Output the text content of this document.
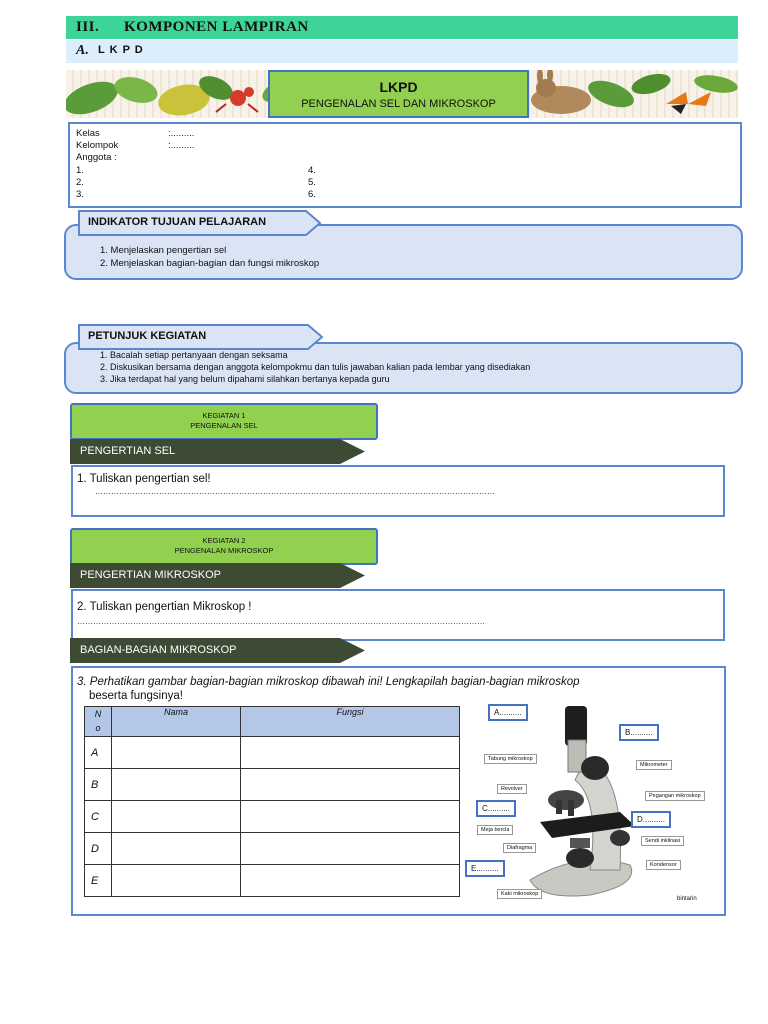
III. KOMPONEN LAMPIRAN
A. L K P D
LKPD
PENGENALAN SEL DAN MIKROSKOP
Kelas	:.........
Kelompok	:.........
Anggota :
1.
2.
3.
4.
5.
6.
1. Menjelaskan pengertian sel
2. Menjelaskan bagian-bagian dan fungsi mikroskop
INDIKATOR TUJUAN PELAJARAN
1. Bacalah setiap pertanyaan dengan seksama
2. Diskusikan bersama dengan anggota kelompokmu dan tulis jawaban kalian pada lembar yang disediakan
3. Jika terdapat hal yang belum dipahami silahkan bertanya kepada guru
PETUNJUK KEGIATAN
KEGIATAN 1
PENGENALAN SEL
PENGERTIAN SEL
1. Tuliskan pengertian sel!
……………………………………………………………………………………………………………………………………
KEGIATAN 2
PENGENALAN MIKROSKOP
PENGERTIAN MIKROSKOP
2. Tuliskan pengertian Mikroskop !
………………………………………………………………………………………………………………………………………
BAGIAN-BAGIAN MIKROSKOP
3. Perhatikan gambar bagian-bagian mikroskop dibawah ini! Lengkapilah bagian-bagian mikroskop
beserta fungsinya!
N
o	Nama	Fungsi
A		
B		
C		
D		
E		
A..........
B..........
C..........
D..........
E..........
Tabung mikroskop
Mikrometer
Revolver
Pegangan mikroskop
Meja bercla
Sendi inklinasi
Diafragma
Kondensor
Kaki mikroskop
bintarin
